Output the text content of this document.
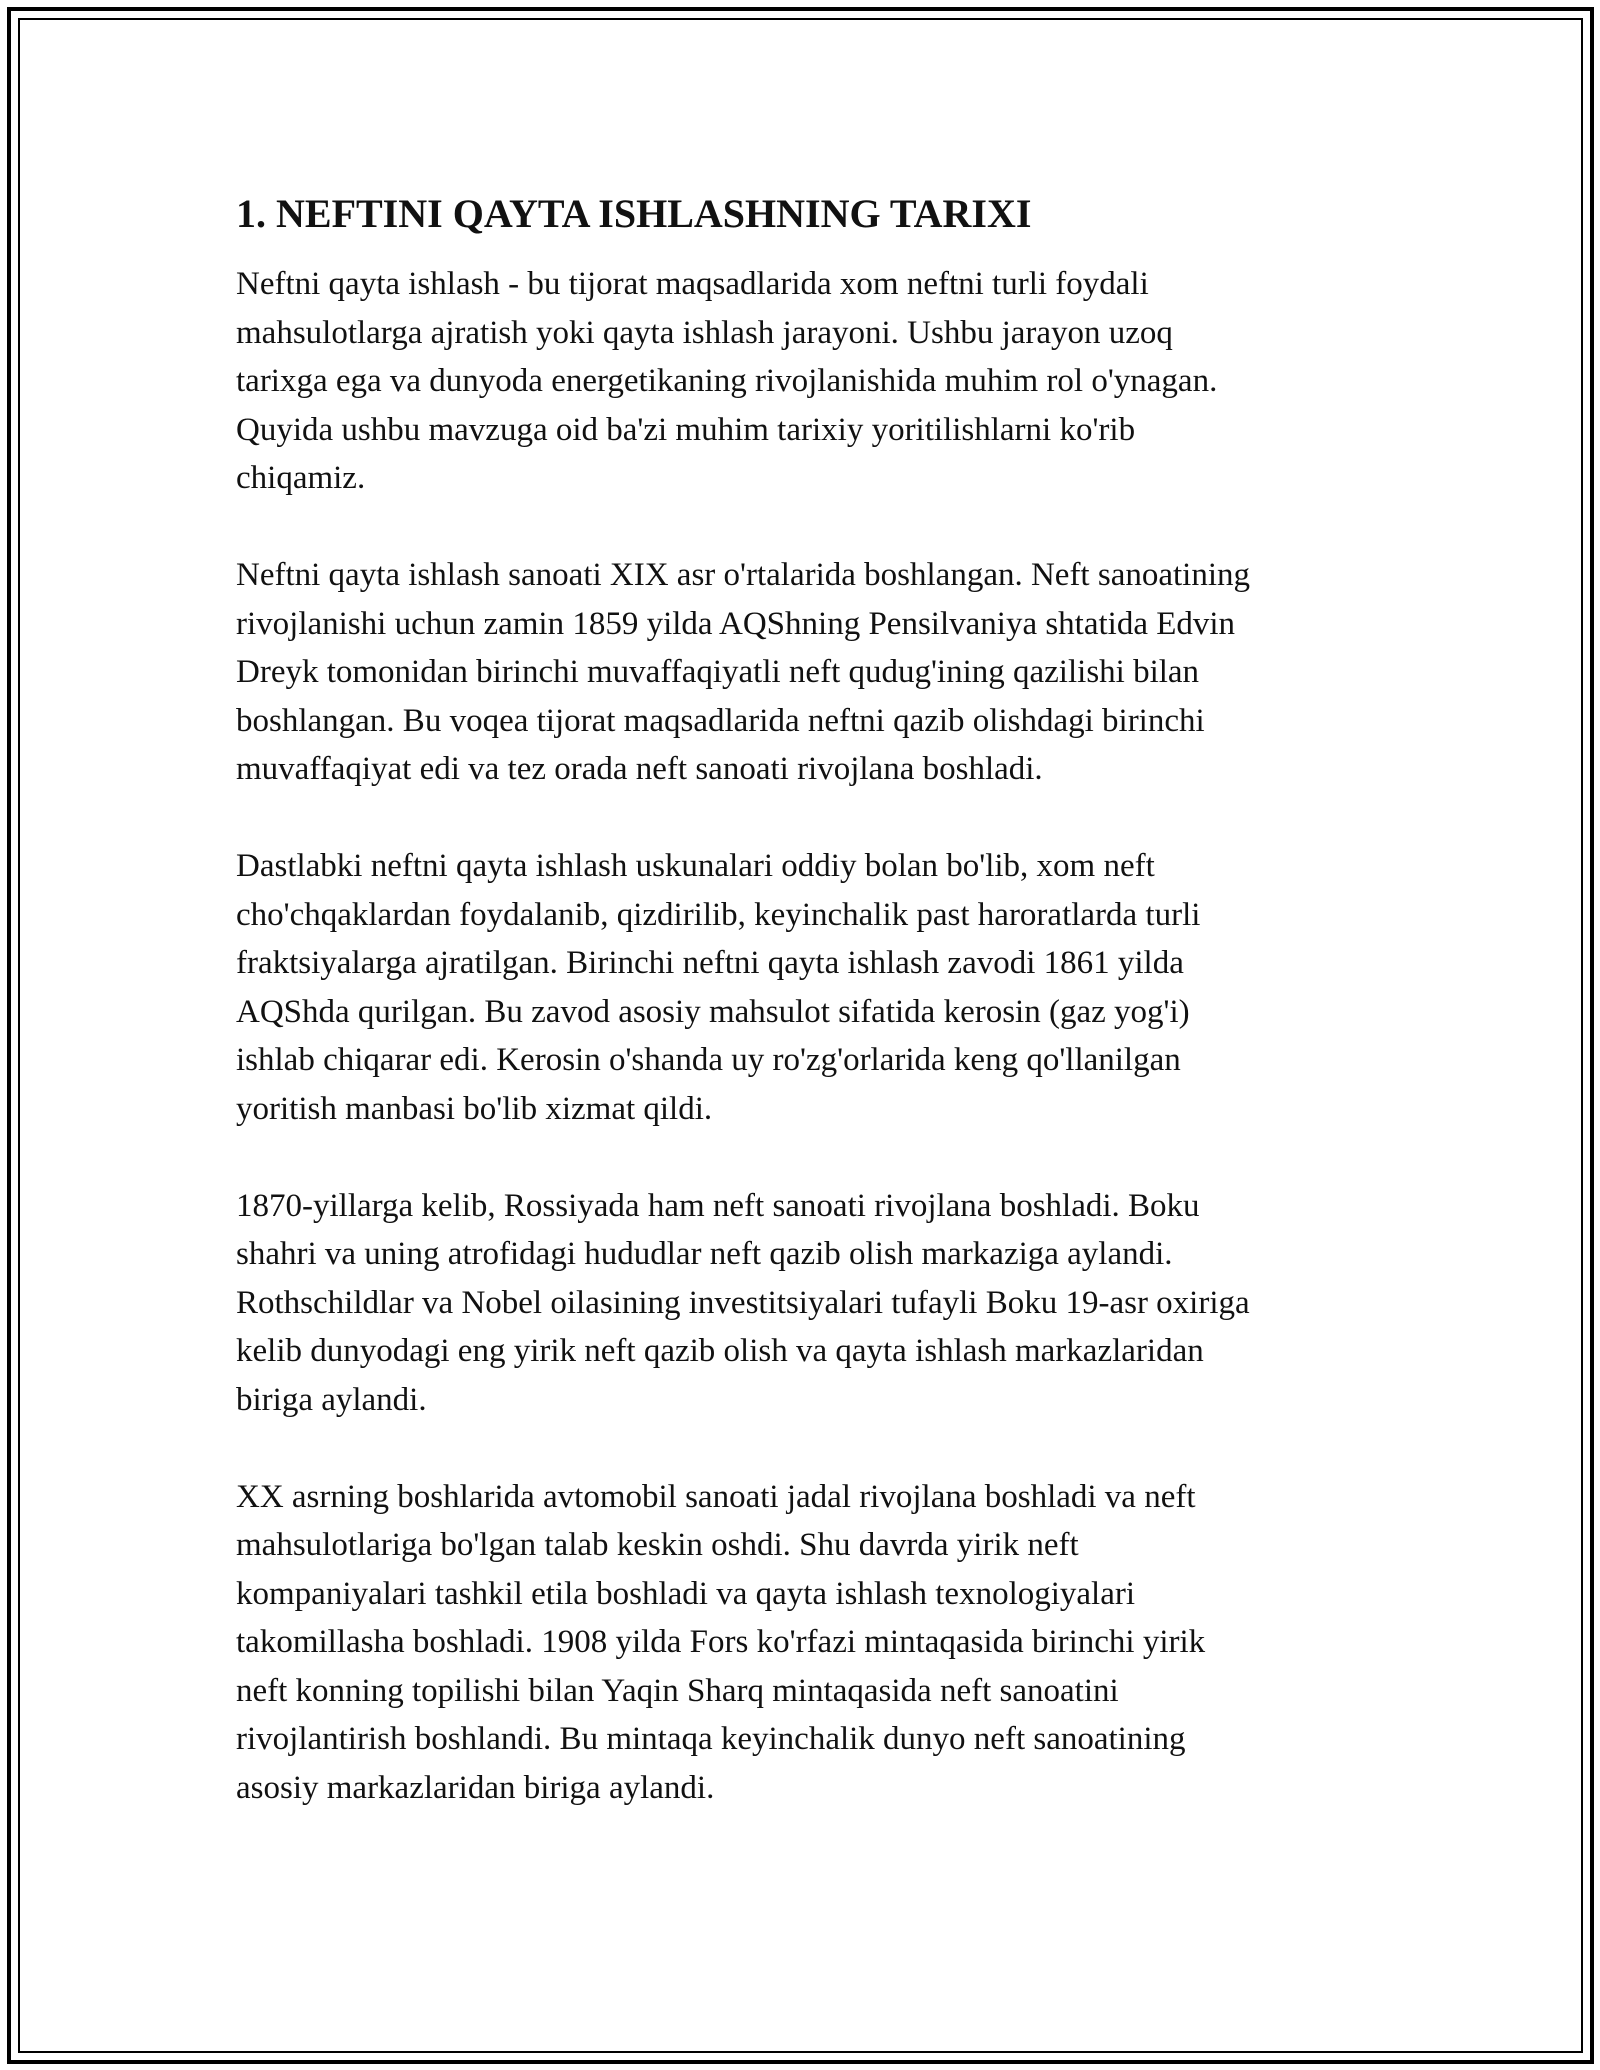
1. NEFTINI QAYTA ISHLASHNING TARIXI

Neftni qayta ishlash - bu tijorat maqsadlarida xom neftni turli foydali
mahsulotlarga ajratish yoki qayta ishlash jarayoni. Ushbu jarayon uzoq
tarixga ega va dunyoda energetikaning rivojlanishida muhim rol o'ynagan.
Quyida ushbu mavzuga oid ba'zi muhim tarixiy yoritilishlarni ko'rib
chiqamiz.

Neftni qayta ishlash sanoati XIX asr o'rtalarida boshlangan. Neft sanoatining
rivojlanishi uchun zamin 1859 yilda AQShning Pensilvaniya shtatida Edvin
Dreyk tomonidan birinchi muvaffaqiyatli neft qudug'ining qazilishi bilan
boshlangan. Bu voqea tijorat maqsadlarida neftni qazib olishdagi birinchi
muvaffaqiyat edi va tez orada neft sanoati rivojlana boshladi.

Dastlabki neftni qayta ishlash uskunalari oddiy bolan bo'lib, xom neft
cho'chqaklardan foydalanib, qizdirilib, keyinchalik past haroratlarda turli
fraktsiyalarga ajratilgan. Birinchi neftni qayta ishlash zavodi 1861 yilda
AQShda qurilgan. Bu zavod asosiy mahsulot sifatida kerosin (gaz yog'i)
ishlab chiqarar edi. Kerosin o'shanda uy ro'zg'orlarida keng qo'llanilgan
yoritish manbasi bo'lib xizmat qildi.

1870-yillarga kelib, Rossiyada ham neft sanoati rivojlana boshladi. Boku
shahri va uning atrofidagi hududlar neft qazib olish markaziga aylandi.
Rothschildlar va Nobel oilasining investitsiyalari tufayli Boku 19-asr oxiriga
kelib dunyodagi eng yirik neft qazib olish va qayta ishlash markazlaridan
biriga aylandi.

XX asrning boshlarida avtomobil sanoati jadal rivojlana boshladi va neft
mahsulotlariga bo'lgan talab keskin oshdi. Shu davrda yirik neft
kompaniyalari tashkil etila boshladi va qayta ishlash texnologiyalari
takomillasha boshladi. 1908 yilda Fors ko'rfazi mintaqasida birinchi yirik
neft konning topilishi bilan Yaqin Sharq mintaqasida neft sanoatini
rivojlantirish boshlandi. Bu mintaqa keyinchalik dunyo neft sanoatining
asosiy markazlaridan biriga aylandi.
